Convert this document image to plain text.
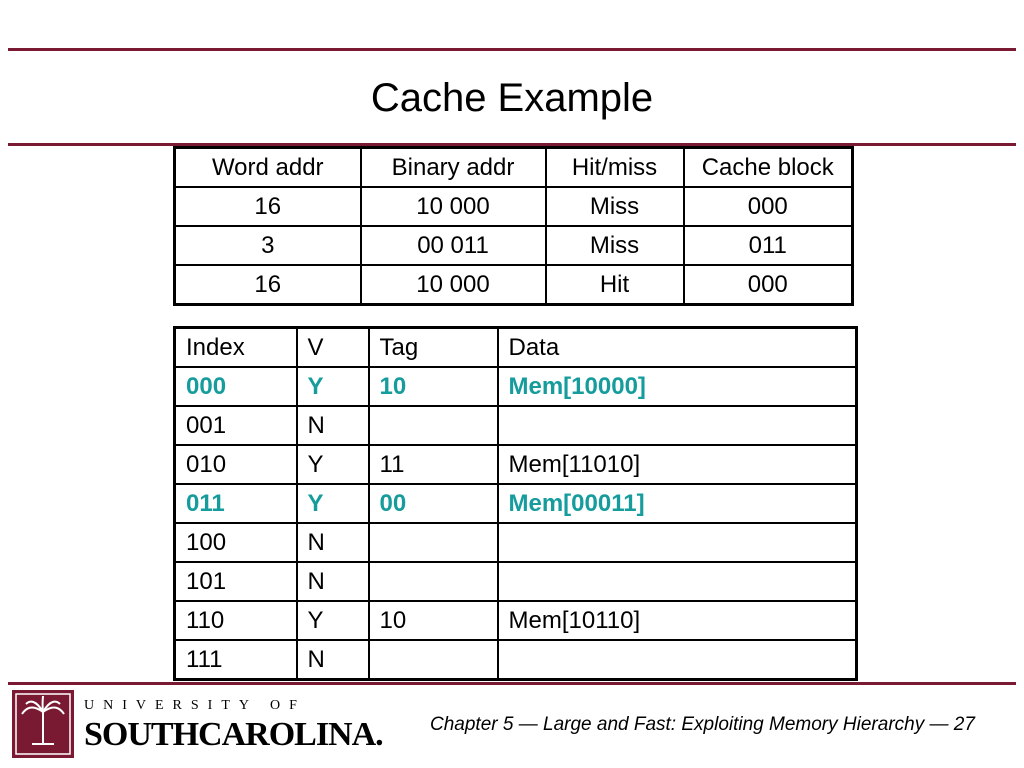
Cache Example
Word addr	Binary addr	Hit/miss	Cache block
16	10 000	Miss	000
3	00 011	Miss	011
16	10 000	Hit	000
Index	V	Tag	Data
000	Y	10	Mem[10000]
001	N		
010	Y	11	Mem[11010]
011	Y	00	Mem[00011]
100	N		
101	N		
110	Y	10	Mem[10110]
111	N		
UNIVERSITY OF
SOUTHCAROLINA. Chapter 5 — Large and Fast: Exploiting Memory Hierarchy — 27
